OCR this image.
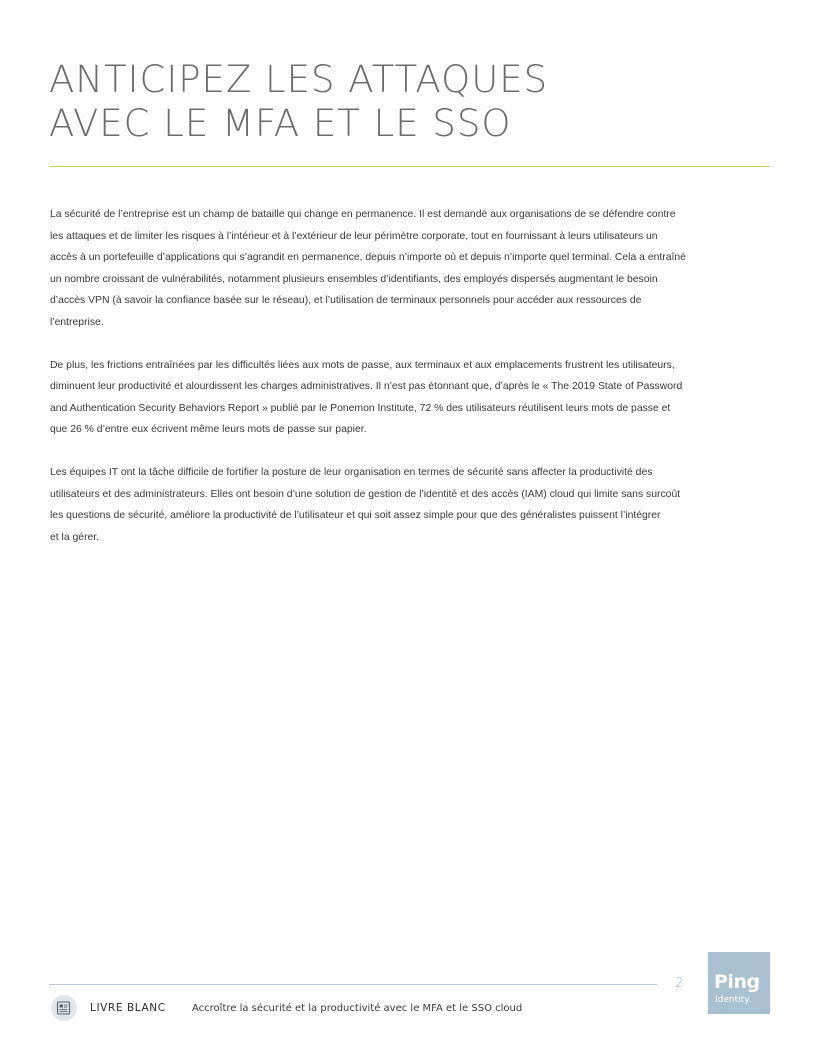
ANTICIPEZ LES ATTAQUES
AVEC LE MFA ET LE SSO

La sécurité de l’entreprise est un champ de bataille qui change en permanence. Il est demandé aux organisations de se défendre contre
les attaques et de limiter les risques à l’intérieur et à l’extérieur de leur périmètre corporate, tout en fournissant à leurs utilisateurs un
accès à un portefeuille d’applications qui s’agrandit en permanence, depuis n’importe où et depuis n’importe quel terminal. Cela a entraîné
un nombre croissant de vulnérabilités, notamment plusieurs ensembles d’identifiants, des employés dispersés augmentant le besoin
d’accès VPN (à savoir la confiance basée sur le réseau), et l’utilisation de terminaux personnels pour accéder aux ressources de
l’entreprise.

De plus, les frictions entraînées par les difficultés liées aux mots de passe, aux terminaux et aux emplacements frustrent les utilisateurs,
diminuent leur productivité et alourdissent les charges administratives. Il n’est pas étonnant que, d’après le « The 2019 State of Password
and Authentication Security Behaviors Report » publié par le Ponemon Institute, 72 % des utilisateurs réutilisent leurs mots de passe et
que 26 % d’entre eux écrivent même leurs mots de passe sur papier.

Les équipes IT ont la tâche difficile de fortifier la posture de leur organisation en termes de sécurité sans affecter la productivité des
utilisateurs et des administrateurs. Elles ont besoin d’une solution de gestion de l’identité et des accès (IAM) cloud qui limite sans surcoût
les questions de sécurité, améliore la productivité de l’utilisateur et qui soit assez simple pour que des généralistes puissent l’intégrer
et la gérer.

2 Ping
Identity.
LIVRE BLANC	Accroître la sécurité et la productivité avec le MFA et le SSO cloud
